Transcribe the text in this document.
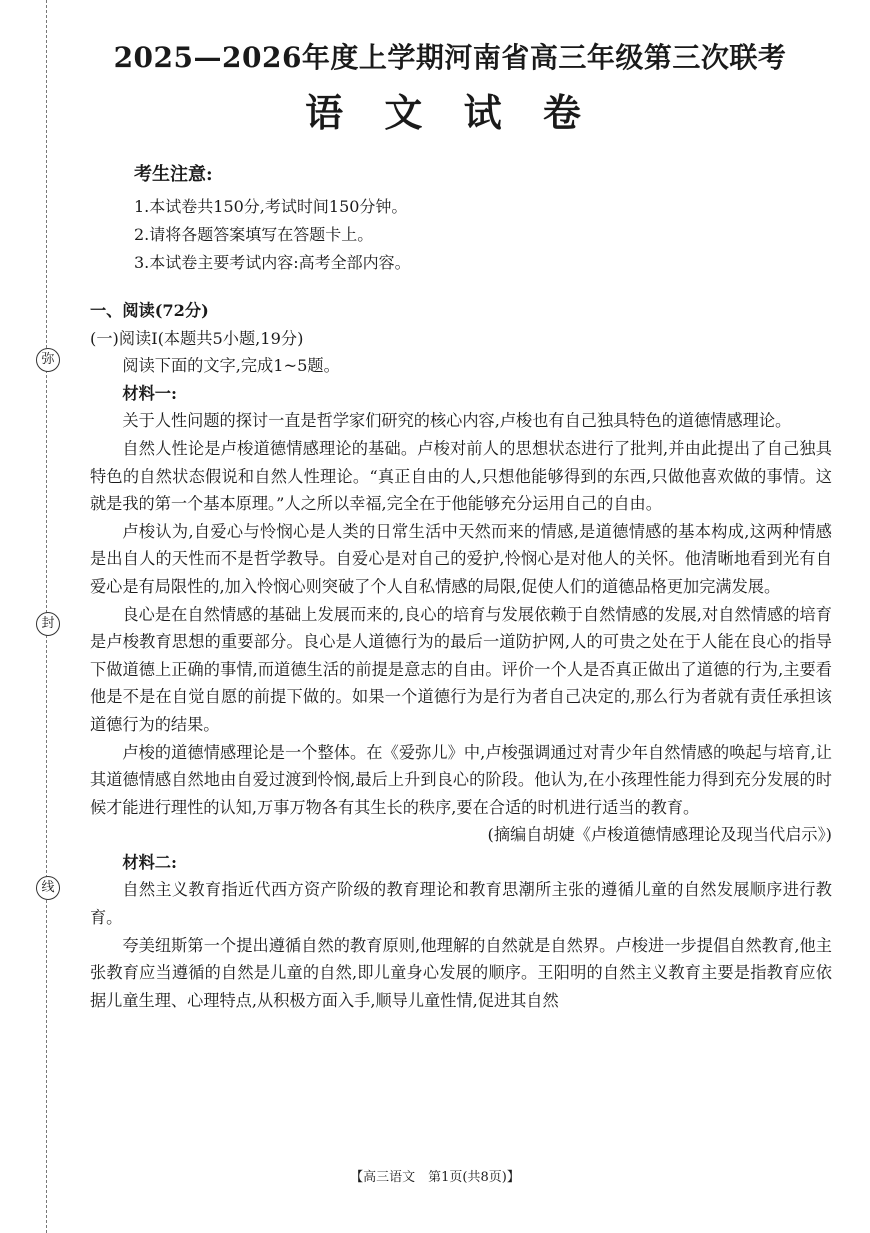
弥
封
线
2025—2026年度上学期河南省高三年级第三次联考
语 文 试 卷
考生注意:
1.本试卷共150分,考试时间150分钟。
2.请将各题答案填写在答题卡上。
3.本试卷主要考试内容:高考全部内容。

一、阅读(72分)

(一)阅读Ⅰ(本题共5小题,19分)

阅读下面的文字,完成1~5题。

材料一:

关于人性问题的探讨一直是哲学家们研究的核心内容,卢梭也有自己独具特色的道德情感理论。

自然人性论是卢梭道德情感理论的基础。卢梭对前人的思想状态进行了批判,并由此提出了自己独具特色的自然状态假说和自然人性理论。“真正自由的人,只想他能够得到的东西,只做他喜欢做的事情。这就是我的第一个基本原理。”人之所以幸福,完全在于他能够充分运用自己的自由。

卢梭认为,自爱心与怜悯心是人类的日常生活中天然而来的情感,是道德情感的基本构成,这两种情感是出自人的天性而不是哲学教导。自爱心是对自己的爱护,怜悯心是对他人的关怀。他清晰地看到光有自爱心是有局限性的,加入怜悯心则突破了个人自私情感的局限,促使人们的道德品格更加完满发展。

良心是在自然情感的基础上发展而来的,良心的培育与发展依赖于自然情感的发展,对自然情感的培育是卢梭教育思想的重要部分。良心是人道德行为的最后一道防护网,人的可贵之处在于人能在良心的指导下做道德上正确的事情,而道德生活的前提是意志的自由。评价一个人是否真正做出了道德的行为,主要看他是不是在自觉自愿的前提下做的。如果一个道德行为是行为者自己决定的,那么行为者就有责任承担该道德行为的结果。

卢梭的道德情感理论是一个整体。在《爱弥儿》中,卢梭强调通过对青少年自然情感的唤起与培育,让其道德情感自然地由自爱过渡到怜悯,最后上升到良心的阶段。他认为,在小孩理性能力得到充分发展的时候才能进行理性的认知,万事万物各有其生长的秩序,要在合适的时机进行适当的教育。

(摘编自胡婕《卢梭道德情感理论及现当代启示》)

材料二:

自然主义教育指近代西方资产阶级的教育理论和教育思潮所主张的遵循儿童的自然发展顺序进行教育。

夸美纽斯第一个提出遵循自然的教育原则,他理解的自然就是自然界。卢梭进一步提倡自然教育,他主张教育应当遵循的自然是儿童的自然,即儿童身心发展的顺序。王阳明的自然主义教育主要是指教育应依据儿童生理、心理特点,从积极方面入手,顺导儿童性情,促进其自然

【高三语文　第1页(共8页)】
